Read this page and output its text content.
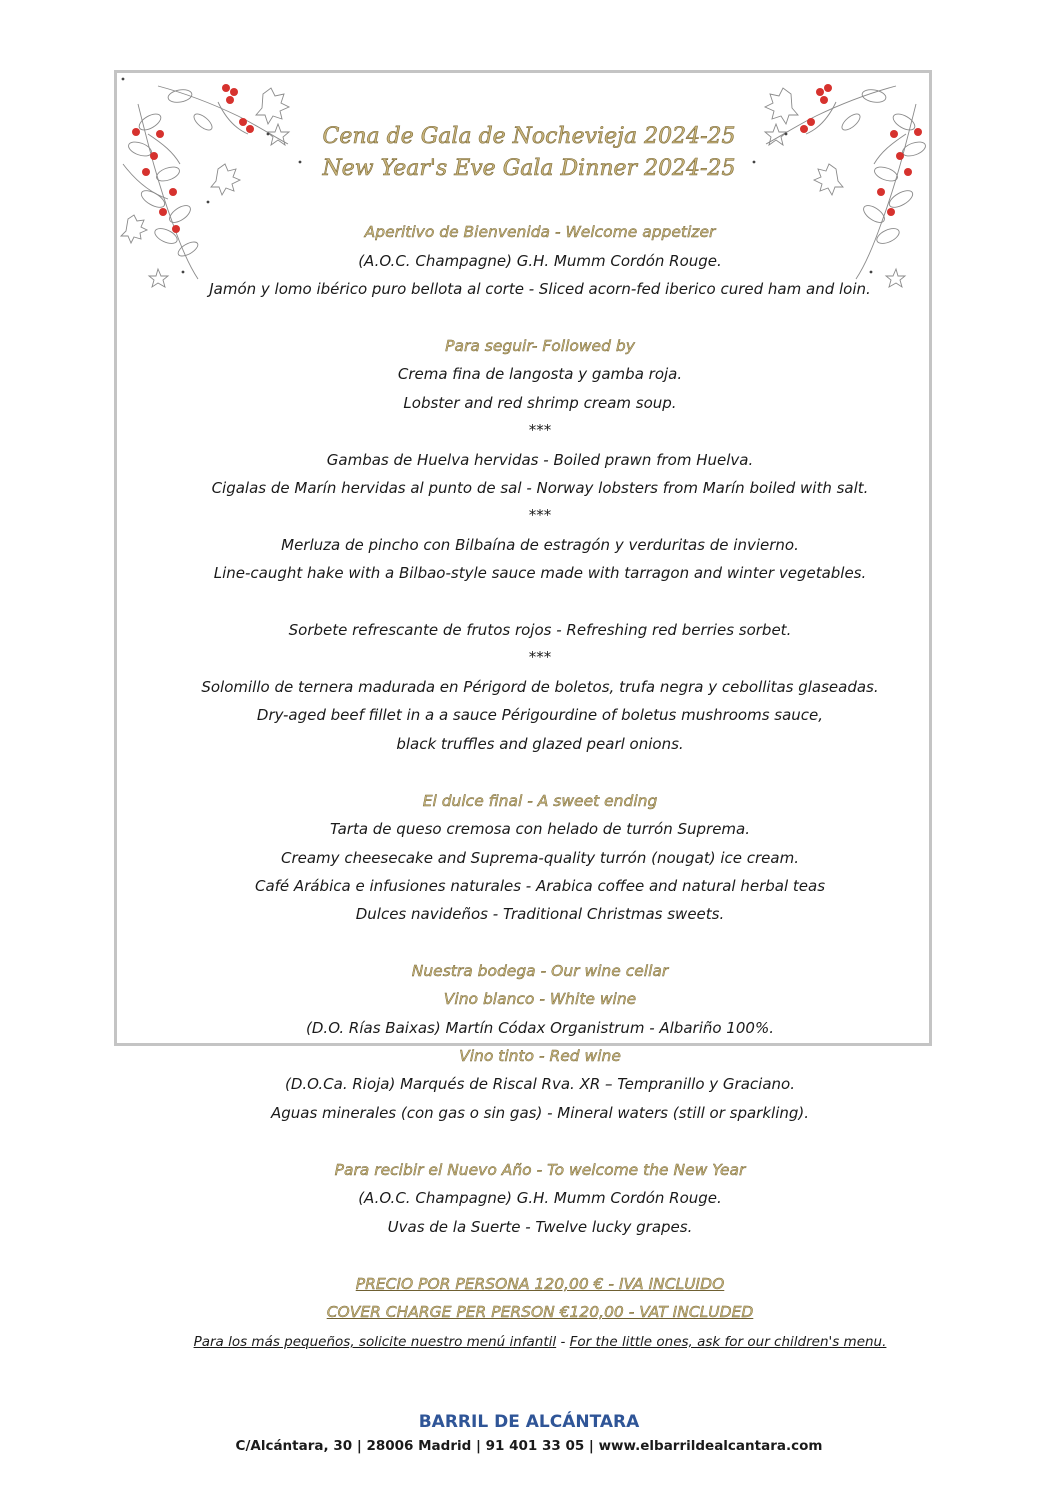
Cena de Gala de Nochevieja 2024-25
New Year's Eve Gala Dinner 2024-25
Aperitivo de Bienvenida - Welcome appetizer
(A.O.C. Champagne) G.H. Mumm Cordón Rouge.
Jamón y lomo ibérico puro bellota al corte - Sliced acorn-fed iberico cured ham and loin.
Para seguir- Followed by
Crema fina de langosta y gamba roja.
Lobster and red shrimp cream soup.
***
Gambas de Huelva hervidas - Boiled prawn from Huelva.
Cigalas de Marín hervidas al punto de sal - Norway lobsters from Marín boiled with salt.
***
Merluza de pincho con Bilbaína de estragón y verduritas de invierno.
Line-caught hake with a Bilbao-style sauce made with tarragon and winter vegetables.
Sorbete refrescante de frutos rojos - Refreshing red berries sorbet.
***
Solomillo de ternera madurada en Périgord de boletos, trufa negra y cebollitas glaseadas.
Dry-aged beef fillet in a a sauce Périgourdine of boletus mushrooms sauce,
black truffles and glazed pearl onions.
El dulce final - A sweet ending
Tarta de queso cremosa con helado de turrón Suprema.
Creamy cheesecake and Suprema-quality turrón (nougat) ice cream.
Café Arábica e infusiones naturales - Arabica coffee and natural herbal teas
Dulces navideños - Traditional Christmas sweets.
Nuestra bodega - Our wine cellar
Vino blanco - White wine
(D.O. Rías Baixas) Martín Códax Organistrum - Albariño 100%.
Vino tinto - Red wine
(D.O.Ca. Rioja) Marqués de Riscal Rva. XR – Tempranillo y Graciano.
Aguas minerales (con gas o sin gas) - Mineral waters (still or sparkling).
Para recibir el Nuevo Año - To welcome the New Year
(A.O.C. Champagne) G.H. Mumm Cordón Rouge.
Uvas de la Suerte - Twelve lucky grapes.
PRECIO POR PERSONA 120,00 € - IVA INCLUIDO
COVER CHARGE PER PERSON €120,00 - VAT INCLUDED
Para los más pequeños, solicite nuestro menú infantil - For the little ones, ask for our children's menu.
BARRIL DE ALCÁNTARA
C/Alcántara, 30 | 28006 Madrid | 91 401 33 05 | www.elbarrildealcantara.com
